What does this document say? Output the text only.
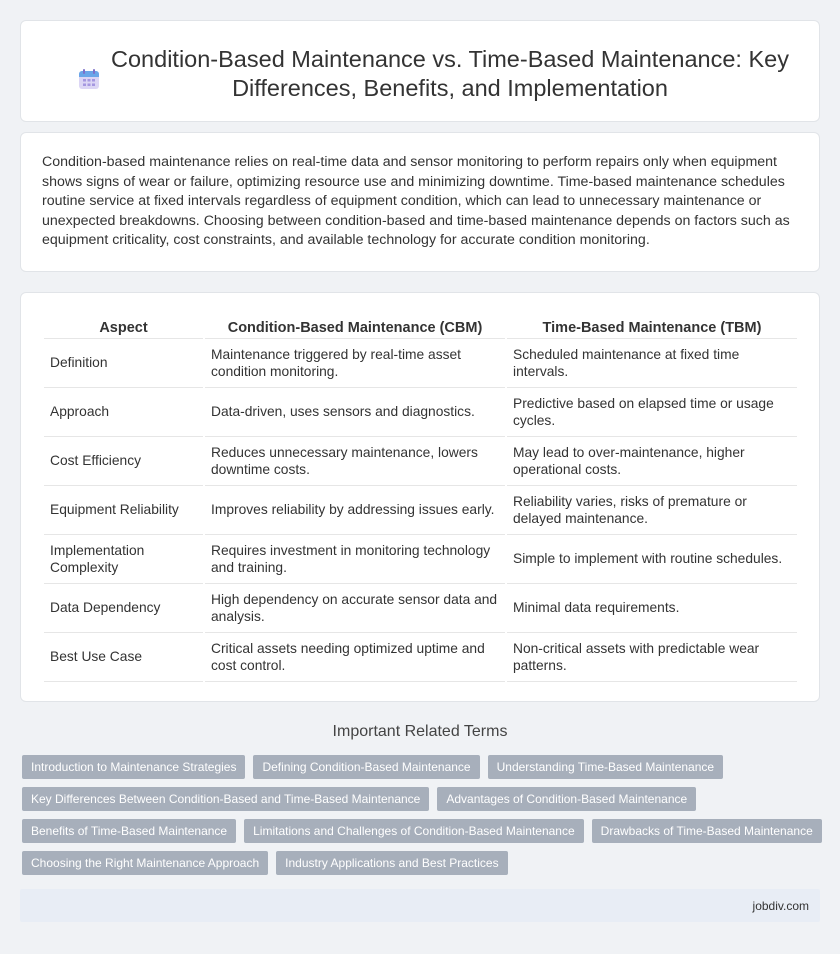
Condition-Based Maintenance vs. Time-Based Maintenance: Key Differences, Benefits, and Implementation

Condition-based maintenance relies on real-time data and sensor monitoring to perform repairs only when equipment shows signs of wear or failure, optimizing resource use and minimizing downtime. Time-based maintenance schedules routine service at fixed intervals regardless of equipment condition, which can lead to unnecessary maintenance or unexpected breakdowns. Choosing between condition-based and time-based maintenance depends on factors such as equipment criticality, cost constraints, and available technology for accurate condition monitoring.

Aspect	Condition-Based Maintenance (CBM)	Time-Based Maintenance (TBM)
Definition	Maintenance triggered by real-time asset condition monitoring.	Scheduled maintenance at fixed time intervals.
Approach	Data-driven, uses sensors and diagnostics.	Predictive based on elapsed time or usage cycles.
Cost Efficiency	Reduces unnecessary maintenance, lowers downtime costs.	May lead to over-maintenance, higher operational costs.
Equipment Reliability	Improves reliability by addressing issues early.	Reliability varies, risks of premature or delayed maintenance.
Implementation Complexity	Requires investment in monitoring technology and training.	Simple to implement with routine schedules.
Data Dependency	High dependency on accurate sensor data and analysis.	Minimal data requirements.
Best Use Case	Critical assets needing optimized uptime and cost control.	Non-critical assets with predictable wear patterns.
Important Related Terms
Introduction to Maintenance Strategies	Defining Condition-Based Maintenance	Understanding Time-Based Maintenance
Key Differences Between Condition-Based and Time-Based Maintenance	Advantages of Condition-Based Maintenance
Benefits of Time-Based Maintenance	Limitations and Challenges of Condition-Based Maintenance	Drawbacks of Time-Based Maintenance
Choosing the Right Maintenance Approach	Industry Applications and Best Practices
jobdiv.com
